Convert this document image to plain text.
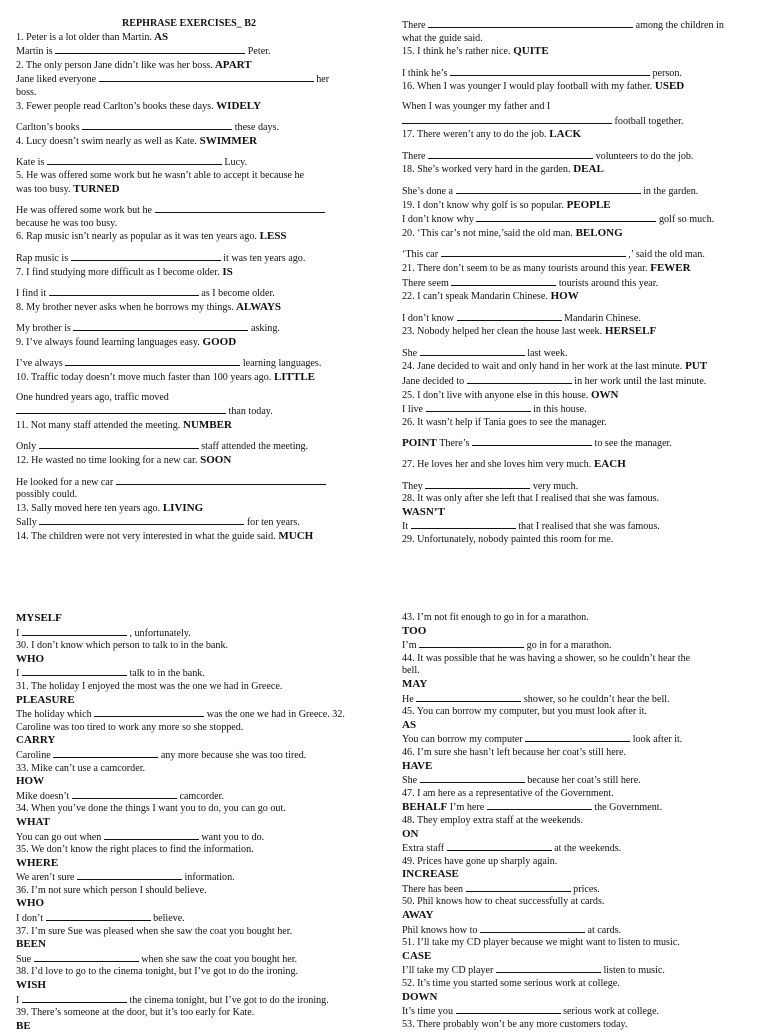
REPHRASE EXERCISES_ B2
1. Peter is a lot older than Martin. AS
Martin is	Peter.
2. The only person Jane didn’t like was her boss. APART
Jane liked everyone	her
boss.
3. Fewer people read Carlton’s books these days. WIDELY
Carlton’s books	these days.
4. Lucy doesn’t swim nearly as well as Kate. SWIMMER
Kate is	Lucy.
5. He was offered some work but he wasn’t able to accept it because he
was too busy. TURNED
He was offered some work but he
because he was too busy.
6. Rap music isn’t nearly as popular as it was ten years ago. LESS
Rap music is	it was ten years ago.
7. I find studying more difficult as I become older. IS
I find it	as I become older.
8. My brother never asks when he borrows my things. ALWAYS
My brother is	asking.
9. I’ve always found learning languages easy. GOOD
I’ve always	learning languages.
10. Traffic today doesn’t move much faster than 100 years ago. LITTLE
One hundred years ago, traffic moved
than today.
11. Not many staff attended the meeting. NUMBER
Only	staff attended the meeting.
12. He wasted no time looking for a new car. SOON
He looked for a new car
possibly could.
13. Sally moved here ten years ago. LIVING
Sally	for ten years.
14. The children were not very interested in what the guide said. MUCH
There	among the children in
what the guide said.
15. I think he’s rather nice. QUITE
I think he’s	person.
16. When I was younger I would play football with my father. USED
When I was younger my father and I
football together.
17. There weren’t any to do the job. LACK
There	volunteers to do the job.
18. She’s worked very hard in the garden. DEAL
She’s done a	in the garden.
19. I don’t know why golf is so popular. PEOPLE
I don’t know why	golf so much.
20. ‘This car’s not mine,’said the old man. BELONG
‘This car	,’ said the old man.
21. There don’t seem to be as many tourists around this year. FEWER
There seem	tourists around this year.
22. I can’t speak Mandarin Chinese. HOW
I don’t know	Mandarin Chinese.
23. Nobody helped her clean the house last week. HERSELF
She	last week.
24. Jane decided to wait and only hand in her work at the last minute. PUT
Jane decided to	in her work until the last minute.
25. I don’t live with anyone else in this house. OWN
I live	in this house.
26. It wasn’t help if Tania goes to see the manager.
POINT There’s	to see the manager.
27. He loves her and she loves him very much. EACH
They	very much.
28. It was only after she left that I realised that she was famous.
WASN’T
It	that I realised that she was famous.
29. Unfortunately, nobody painted this room for me.
MYSELF
I	, unfortunately.
30. I don’t know which person to talk to in the bank.
WHO
I	talk to in the bank.
31. The holiday I enjoyed the most was the one we had in Greece.
PLEASURE
The holiday which	was the one we had in Greece. 32.
Caroline was too tired to work any more so she stopped.
CARRY
Caroline	any more because she was too tired.
33. Mike can’t use a camcorder.
HOW
Mike doesn’t	camcorder.
34. When you’ve done the things I want you to do, you can go out.
WHAT
You can go out when	want you to do.
35. We don’t know the right places to find the information.
WHERE
We aren’t sure	information.
36. I’m not sure which person I should believe.
WHO
I don’t	believe.
37. I’m sure Sue was pleased when she saw the coat you bought her.
BEEN
Sue	when she saw the coat you bought her.
38. I’d love to go to the cinema tonight, but I’ve got to do the ironing.
WISH
I	the cinema tonight, but I’ve got to do the ironing.
39. There’s someone at the door, but it’s too early for Kate.
BE
43. I’m not fit enough to go in for a marathon.
TOO
I’m	go in for a marathon.
44. It was possible that he was having a shower, so he couldn’t hear the
bell.
MAY
He	shower, so he couldn’t hear the bell.
45. You can borrow my computer, but you must look after it.
AS
You can borrow my computer	look after it.
46. I’m sure she hasn’t left because her coat’s still here.
HAVE
She	because her coat’s still here.
47. I am here as a representative of the Government.
BEHALF I’m here	the Government.
48. They employ extra staff at the weekends.
ON
Extra staff	at the weekends.
49. Prices have gone up sharply again.
INCREASE
There has been	prices.
50. Phil knows how to cheat successfully at cards.
AWAY
Phil knows how to	at cards.
51. I’ll take my CD player because we might want to listen to music.
CASE
I’ll take my CD player	listen to music.
52. It’s time you started some serious work at college.
DOWN
It’s time you	serious work at college.
53. There probably won’t be any more customers today.
